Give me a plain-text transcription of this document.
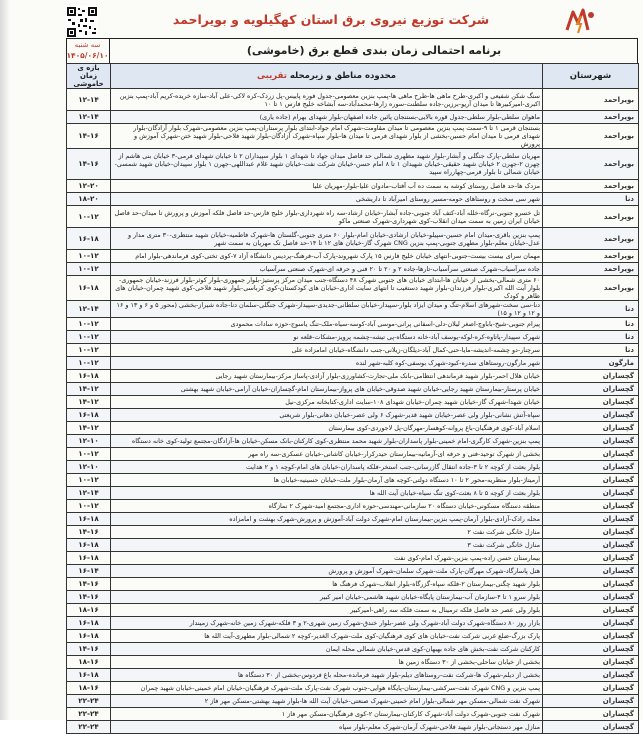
شرکت توزیع نیروی برق استان کهگیلویه و بویراحمد
برنامه احتمالی زمان بندی قطع برق (خاموشی)
سه شنبه
۱۴۰۵/۰۶/۱۰
شهرستان	محدوده مناطق و زیرمحله تقریبی	بازه ی زمان خاموشی
بویراحمد	سنگ شکن شفیعی و اکبری-طرح ماهی ها-طرح ماهی ها-پمپ بنزین معصومی-جدول فوره پاییس-پل زردک-کره لاکی-علی آباد-سازه خریده-کریم آباد-پمپ بنزین اکبری-امیرکبیرها تا میدان آریو-برزین-جاده سلطنت-سوره زارها-محمدآباد-سه آبشاخه خلیج فارس ۱ تا ۱۰	۱۲-۱۴
بویراحمد	ماهوان سلطی-بلوار سلطی-جدول قوره بالایی-بستنجان پائین جاده اصفهان-بلوار شهدای بهرام (جاده یاری)	۱۲-۱۴
بویراحمد	بستنجان قرمی ۱ تا ۹-سمت پمپ بنزین معصومی تا میدان مقاومت-شهرک امام جواد-ابتدای بلوار پرستاران-پمپ بنزین معصومی-شهرک بلوار آرادگان-بلوار شهدای فرمی تا میدان امام حسین-بخشی از بلوار شهدای فرمی تا میدان ها-بلوار سپاه-شهرک آزادگان-بلوار شهید فلاحی-بلوار شهید ختن-شهرک آموزش و پرورش	۱۴-۱۶
بویراحمد	مهریان سلطی-پارک جنگلی و آبشار-بلوار شهید مطهری شمالی حد فاصل میدان جهاد تا شهدای ۱ بلوار سپیداران ۲ تا خیابان شهدای فرمی-۳ خیابان بنی هاشم از چهرن ۲-جهرن ۲ خیابان شهید حقیقی-خیابان شهیدان ۱ تا ۸ امام حسن-خیابان شرکت نفت-خیابان شهید غلام عبداللهی-جهرن ۱ بلوار سپیدان-خیابان شهید شمسی-خیابان شمالی تا بلوار فرمی-چهارراه سپید	۱۴-۱۶
بویراحمد	مزدک ها-حد فاصل روستای کوشه به سمت ده آب آفتاب-مادوان علیا-بلوار-مهریان علیا	۱۲-۲۰
دنا	شهر سی سخت و روستاهای حومه-مسیر روستای امیرآباد تا داریشخی	۱۸-۲۰
بویراحمد	تل خسرو جنوبی-نرگاه-خلله آباد-کتف آباد جنوبی-جاده آبشار-خیابان ارشاد-سه راه شهرداری-بلوار خلیج فارس-حد فاصل فلکه آموزش و پرورش تا میدان-حد فاصل خیابان ایران زمین به سمت میدان انقلاب-کوی شهرداری-شهرک صنعتی ماکو	۱۰-۱۲
بویراحمد	پمپ بنزین باقری-میدان امام حسین-سپیلو-خیابان ارشادی-خیابان امام-بلوار ۶۰ متری جنوبی-گلستان ها-شهرک فاطمیه-خیابان شهید منتظری-۳۰ متری مدار و عدل-خیابان معلم-بلوار مطهری جنوبی-پمپ بنزین CNG شهرک گاز-خیابان های ۱۲ تا ۱۴-حد فاصل تک مهریان به سمت شهر	۱۶-۱۸
بویراحمد	مهمان سرای بیست بیست-جنوبی-انتهای خیابان خلیج فارس ۱۵ پارک شهروند-پارک آب-فرهنگ-پردیس دانشگاه آزاد ۷-کوی تختی-کوی فرماندهی-بلوار امام	۱۰-۱۲
بویراحمد	جاده سرآسیاب-شهرک صنعتی سرآسیاب-تارها-جاده ۲ و ۲۰ تا ۲۰ فنی و حرفه ای-شهرک صنعتی سرآسیاب	۱۰-۱۲
بویراحمد	۶۰ متری شمالی-بخشی از خیابان ها-ابتدای خیابان های جنوبی شهرک ۴۸ دستگاه-جنب میدان مرکز پرستیژ-بلوار جمهوری-بلوار کوثر-بلوار فرزند-خیابان جمهوری-بلوار آیت الله اکبری-بلوار فرزندان-بلوار شهید دستغیب تا انتهای سایت اداری-خیابان های کودکستان-کوی کرباسی-بلوار شهید فلاحی-کوی شهید چمران-خیابان های طاهر و کودک	۱۶-۱۸
دنا	دنا-سی سخت-شهرهای اسلام-تنگ و میدان ایزاد بلوار-سپیدار-خیابان سلطانی-جدیدی-سپیدار-شهرک جنگلی-سلمان دنا-جاده شیراز-بخشی (محور ۵ و ۶ و ۱۳ و ۱۶ و ۱۲ و ۱۲ و ۱۵)	۱۲-۱۴
دنا	پیرام جنوبی-شیخ-باباوچ-اصغر لیلان-دلی-اسفانی پرانی-موسی آباد-کوسه-سیاه-ملک-تنگ یاسوج-حوزه سادات محمودی	۱۰-۱۲
دنا	شهرک سپیدار-پاتاوه-کره-لوکه-یوسف آباد-خانه دستگاه-پی تیشه-چشمه پرویز-مشکات-قلعه نو	۱۰-۱۲
دنا	سرچنار-دو چشمه-اندیشه-مایا-حنی-کمال آباد-دیلگان-زیلانی-جنب دانشگاه-خیابان امامزاده علی	۱۰-۱۲
مارگون	شهر مارگون-روستاهای سدره-کبود-شهرک بوسفی-کوه کلبه-شهر لنده	۱۰-۱۲
گچساران	خیابان هلال احمر-بلوار شهید فرماندهی انتظامی-بانک ملی-تجارت-کشاورزی-بلوار آزادی-پاساژ مرکز-بیمارستان شهید رجایی	۱۶-۱۸
گچساران	خیابان پرستار-بیمارستان شهید رجایی-خیابان شهید صدوقی-خیابان های پرواز-بیمارستان امام-گچساران-خیابان آرامی-خیابان شهید بهشتی	۱۴-۱۲
گچساران	خیابان شهدا-شهرک گاز-خیابان شهید چمران-خیابان شهدای ۱۰۸-سایت اداری-کتابخانه مرکزی-نیل	۱۴-۱۲
گچساران	سپاه-آتش نشانی-بلوار ولی عصر-خیابان شهید قدیر-شهرک ۶ ولی عصر-خیابان دهانی-بلوار شریعتی	۱۶-۱۸
گچساران	اسلام آباد-کوی فرهنگیان-باغ پروانه-کوهسار-مهرگان-پل لاجوردی-کوی بیمارستان	۱۴-۱۲
گچساران	پمپ بنزین-شهرک کارگری-امام خمینی-بلوار پاسداران-بلوار شهید محمد منتظری-کوی کارکنان-بانک مسکن-خیابان ها-آزادگان-مجتمع تولید-کوی خانه دستگاه	۱۲-۱۰
گچساران	بخشی از شهرک توحید-فنی و حرفه ای-آرمانیه-بیمارستان حیدرکرار-خیابان کاشانی-خیابان عسکری-سه راه مهر	۱۰-۱۲
گچساران	بلوار بعثت از کوچه ۲ تا ۳-جاده انتقال گازرسانی-جنب استخر-فلکه پاسداران-خیابان های امام-کوچه ۱ و ۲ هدایت	۱۲-۱۰
گچساران	آرمیتاژ-بلوار منظریه-محور ۲ تا ۱۰ دستگاه دولتی-کوچه های آرمان-بلوار ملت-خیابان حسینیه-خیابان ها	۱۰-۱۲
گچساران	بلوار بعثت از کوچه ۵ تا ۸ بعثت-کوی تنگ سیاه-خیابان آیت الله ها	۱۲-۱۴
گچساران	منطقه دستگاه مسکونی-خیابان دستگاه ۲۰ سازمانی-مهندسی-حوزه اداری-مجتمع امید-شهرک ۲ نمازگاه	۱۰-۱۲
گچساران	محله رادک-آزادی-بلوار آرمان-پمپ بنزین-بیمارستان امام-شهرک دولت آباد-آموزش و پرورش-شهرک بهشت و امامزاده	۱۶-۱۸
گچساران	منازل خانگی شرکت نفت ۲	۱۴-۱۶
گچساران	منازل خانگی شرکت نفت ۳	۱۶-۱۸
گچساران	بیمارستان حسن زاده-پمپ بنزین-شهرک امام-کوی نفت	۱۶-۱۸
گچساران	هتل پاسارگاد-شهرک مهرگان-پارک ملت-شهرک سلمان-شهرک آموزش و پرورش	۱۶-۱۴
گچساران	بلوار شهید چگنی-بیمارستان ۲-فلکه سپاه-گزرگاه-بلوار انقلاب-شهرک فرهنگ ها	۱۴-۱۶
گچساران	بلوار سرو ۱ تا ۴-سازمان آب-بیمارستان پایگاه-خیابان شهید هاشمی-خیابان امیر کبیر	۱۴-۱۶
گچساران	بلوار ولی عصر حد فاصل فلکه ترمینال به سمت فلکه سه راهی-امیرکبیر	۱۸-۱۶
گچساران	بازار روز ۸۰ دستگاه-شهرک دولت آباد-شهرک ولی عصر-بلوار خندق-شهرک زمین شهری-۲ و ۳ فلکه-شهرک زمین خانه-شهرک زمیندار	۱۶-۱۸
گچساران	پارک بزرگ-ضلع غربی شرکت نفت-خیابان های کوی فرهنگیان-کوی ملت-شهرک الغدیر-کوچه ۲ شمالی-بلوار مطهری-آیت الله ها	۱۶-۱۸
گچساران	کارکنان شرکت نفت-بخش های جاده بهبهان-کوی قدس-خیابان شمالی محله ایمان	۱۴-۱۶
گچساران	بخشی از خیابان ساحلی-بخشی از ۳۰ دستگاه زمین ها	۱۸-۱۶
گچساران	بخشی از دیلم-شهرک ها-شرکت نفت-روستاهای دیلم-بلوار شهید فرمانده-محله باغ فردوس-بخشی از ۳۰ دستگاه ها	۱۶-۱۸
گچساران	پمپ بنزین و CNG شهرک نفت-سرکشی-بیمارستان-پایگاه هوایی-جنوب شهرک نفت-پارک ملت-شهرک فرهنگیان-خیابان امام خمینی-خیابان شهید چمران	۱۸-۱۶
گچساران	شهرک نفت شمالی-مسکن مهر شمالی-بلوار امام خمینی-شهرک صنعتی-خیابان آیت الله ها-بلوار شهید بهشتی-مسکن مهر فاز ۲	۲۲-۲۴
گچساران	شهرک نفت جنوبی-شهرک دولت آباد-شهرک کارکنان-بیمارستان ۲-کوی فرهنگیان-مسکن مهر فاز ۱	۲۲-۲۴
گچساران	منازل مهر دستجاتی-بلوار شهید فلاحی-شهرک آرمان-شهرک معلم-بلوار سپاه	۲۲-۲۴
